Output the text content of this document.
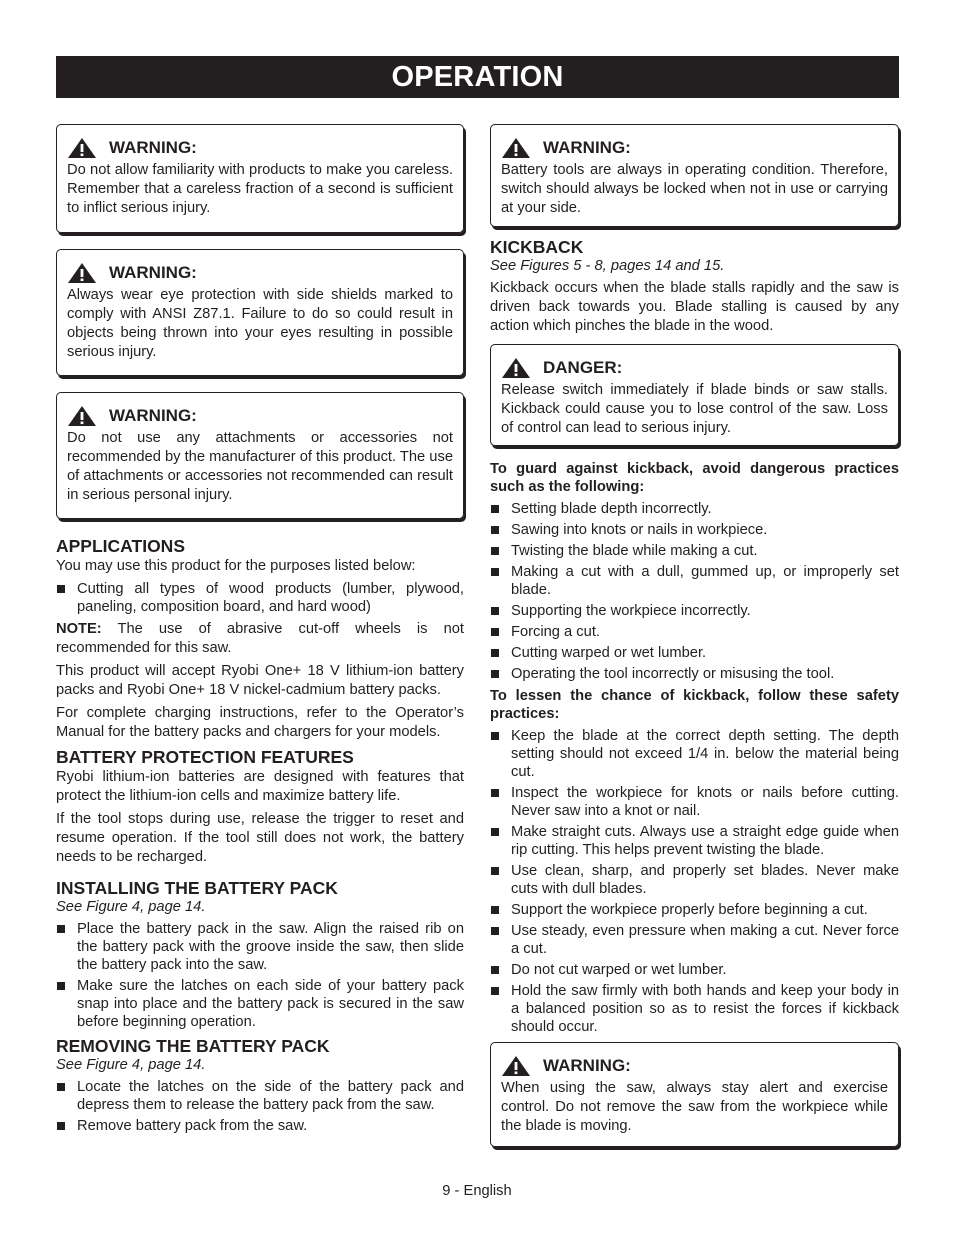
OPERATION
WARNING:
Do not allow familiarity with products to make you careless. Remember that a careless fraction of a second is sufficient to inflict serious injury.
WARNING:
Always wear eye protection with side shields marked to comply with ANSI Z87.1. Failure to do so could result in objects being thrown into your eyes resulting in possible serious injury.
WARNING:
Do not use any attachments or accessories not recommended by the manufacturer of this product. The use of attachments or accessories not recommended can result in serious personal injury.
APPLICATIONS

You may use this product for the purposes listed below:

Cutting all types of wood products (lumber, plywood, paneling, composition board, and hard wood)

NOTE: The use of abrasive cut-off wheels is not recommended for this saw.

This product will accept Ryobi One+ 18 V lithium-ion battery packs and Ryobi One+ 18 V nickel-cadmium battery packs.

For complete charging instructions, refer to the Operator’s Manual for the battery packs and chargers for your models.

BATTERY PROTECTION FEATURES

Ryobi lithium-ion batteries are designed with features that protect the lithium-ion cells and maximize battery life.

If the tool stops during use, release the trigger to reset and resume operation. If the tool still does not work, the battery needs to be recharged.

INSTALLING THE BATTERY PACK
See Figure 4, page 14.
Place the battery pack in the saw. Align the raised rib on the battery pack with the groove inside the saw, then slide the battery pack into the saw.
Make sure the latches on each side of your battery pack snap into place and the battery pack is secured in the saw before beginning operation.
REMOVING THE BATTERY PACK
See Figure 4, page 14.
Locate the latches on the side of the battery pack and depress them to release the battery pack from the saw.
Remove battery pack from the saw.
WARNING:
Battery tools are always in operating condition. Therefore, switch should always be locked when not in use or carrying at your side.
KICKBACK
See Figures 5 - 8, pages 14 and 15.

Kickback occurs when the blade stalls rapidly and the saw is driven back towards you. Blade stalling is caused by any action which pinches the blade in the wood.

DANGER:
Release switch immediately if blade binds or saw stalls. Kickback could cause you to lose control of the saw. Loss of control can lead to serious injury.

To guard against kickback, avoid dangerous practices such as the following:

Setting blade depth incorrectly.
Sawing into knots or nails in workpiece.
Twisting the blade while making a cut.
Making a cut with a dull, gummed up, or improperly set blade.
Supporting the workpiece incorrectly.
Forcing a cut.
Cutting warped or wet lumber.
Operating the tool incorrectly or misusing the tool.

To lessen the chance of kickback, follow these safety practices:

Keep the blade at the correct depth setting. The depth setting should not exceed 1/4 in. below the material being cut.
Inspect the workpiece for knots or nails before cutting. Never saw into a knot or nail.
Make straight cuts. Always use a straight edge guide when rip cutting. This helps prevent twisting the blade.
Use clean, sharp, and properly set blades. Never make cuts with dull blades.
Support the workpiece properly before beginning a cut.
Use steady, even pressure when making a cut. Never force a cut.
Do not cut warped or wet lumber.
Hold the saw firmly with both hands and keep your body in a balanced position so as to resist the forces if kickback should occur.
WARNING:
When using the saw, always stay alert and exercise control. Do not remove the saw from the workpiece while the blade is moving.
9 - English
